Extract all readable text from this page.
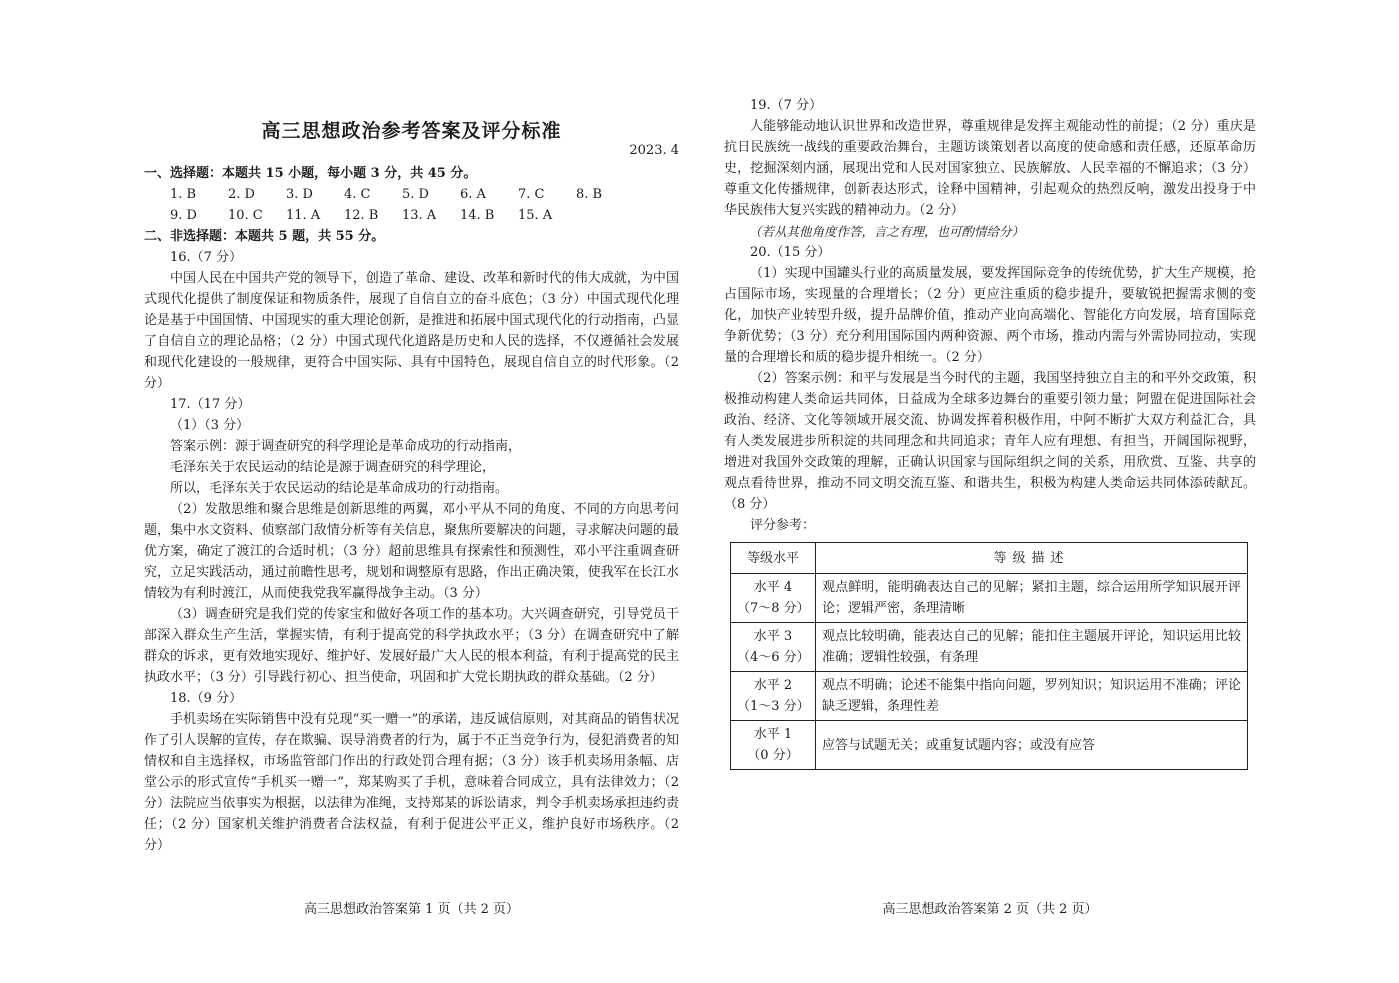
高三思想政治参考答案及评分标准
2023. 4

一、选择题：本题共 15 小题，每小题 3 分，共 45 分。

1. B	2. D	3. D	4. C	5. D	6. A	7. C	8. B
9. D	10. C	11. A	12. B	13. A	14. B	15. A

二、非选择题：本题共 5 题，共 55 分。

16.（7 分）

中国人民在中国共产党的领导下，创造了革命、建设、改革和新时代的伟大成就，为中国式现代化提供了制度保证和物质条件，展现了自信自立的奋斗底色；（3 分）中国式现代化理论是基于中国国情、中国现实的重大理论创新，是推进和拓展中国式现代化的行动指南，凸显了自信自立的理论品格；（2 分）中国式现代化道路是历史和人民的选择，不仅遵循社会发展和现代化建设的一般规律，更符合中国实际、具有中国特色，展现自信自立的时代形象。（2 分）

17.（17 分）

（1）（3 分）

答案示例：源于调查研究的科学理论是革命成功的行动指南，

毛泽东关于农民运动的结论是源于调查研究的科学理论，

所以，毛泽东关于农民运动的结论是革命成功的行动指南。

（2）发散思维和聚合思维是创新思维的两翼，邓小平从不同的角度、不同的方向思考问题，集中水文资料、侦察部门敌情分析等有关信息，聚焦所要解决的问题，寻求解决问题的最优方案，确定了渡江的合适时机；（3 分）超前思维具有探索性和预测性，邓小平注重调查研究，立足实践活动，通过前瞻性思考，规划和调整原有思路，作出正确决策，使我军在长江水情较为有利时渡江，从而使我党我军赢得战争主动。（3 分）

（3）调查研究是我们党的传家宝和做好各项工作的基本功。大兴调查研究，引导党员干部深入群众生产生活，掌握实情，有利于提高党的科学执政水平；（3 分）在调查研究中了解群众的诉求，更有效地实现好、维护好、发展好最广大人民的根本利益，有利于提高党的民主执政水平；（3 分）引导践行初心、担当使命，巩固和扩大党长期执政的群众基础。（2 分）

18.（9 分）

手机卖场在实际销售中没有兑现“买一赠一”的承诺，违反诚信原则，对其商品的销售状况作了引人误解的宣传，存在欺骗、误导消费者的行为，属于不正当竞争行为，侵犯消费者的知情权和自主选择权，市场监管部门作出的行政处罚合理有据；（3 分）该手机卖场用条幅、店堂公示的形式宣传“手机买一赠一”，郑某购买了手机，意味着合同成立，具有法律效力；（2 分）法院应当依事实为根据，以法律为准绳，支持郑某的诉讼请求，判令手机卖场承担违约责任；（2 分）国家机关维护消费者合法权益，有利于促进公平正义，维护良好市场秩序。（2 分）

高三思想政治答案第 1 页（共 2 页）

19.（7 分）

人能够能动地认识世界和改造世界，尊重规律是发挥主观能动性的前提；（2 分）重庆是抗日民族统一战线的重要政治舞台，主题访谈策划者以高度的使命感和责任感，还原革命历史，挖掘深刻内涵，展现出党和人民对国家独立、民族解放、人民幸福的不懈追求；（3 分）尊重文化传播规律，创新表达形式，诠释中国精神，引起观众的热烈反响，激发出投身于中华民族伟大复兴实践的精神动力。（2 分）

（若从其他角度作答，言之有理，也可酌情给分）

20.（15 分）

（1）实现中国罐头行业的高质量发展，要发挥国际竞争的传统优势，扩大生产规模，抢占国际市场，实现量的合理增长；（2 分）更应注重质的稳步提升，要敏锐把握需求侧的变化，加快产业转型升级，提升品牌价值，推动产业向高端化、智能化方向发展，培育国际竞争新优势；（3 分）充分利用国际国内两种资源、两个市场，推动内需与外需协同拉动，实现量的合理增长和质的稳步提升相统一。（2 分）

（2）答案示例：和平与发展是当今时代的主题，我国坚持独立自主的和平外交政策，积极推动构建人类命运共同体，日益成为全球多边舞台的重要引领力量；阿盟在促进国际社会政治、经济、文化等领域开展交流、协调发挥着积极作用，中阿不断扩大双方利益汇合，具有人类发展进步所积淀的共同理念和共同追求；青年人应有理想、有担当，开阔国际视野，增进对我国外交政策的理解，正确认识国家与国际组织之间的关系，用欣赏、互鉴、共享的观点看待世界，推动不同文明交流互鉴、和谐共生，积极为构建人类命运共同体添砖献瓦。（8 分）

评分参考：

等级水平	等级描述

水平 4
（7～8 分）	观点鲜明，能明确表达自己的见解；紧扣主题，综合运用所学知识展开评论；逻辑严密，条理清晰

水平 3
（4～6 分）	观点比较明确，能表达自己的见解；能扣住主题展开评论，知识运用比较准确；逻辑性较强，有条理

水平 2
（1～3 分）	观点不明确；论述不能集中指向问题，罗列知识；知识运用不准确；评论缺乏逻辑，条理性差

水平 1
（0 分）	应答与试题无关；或重复试题内容；或没有应答
高三思想政治答案第 2 页（共 2 页）
